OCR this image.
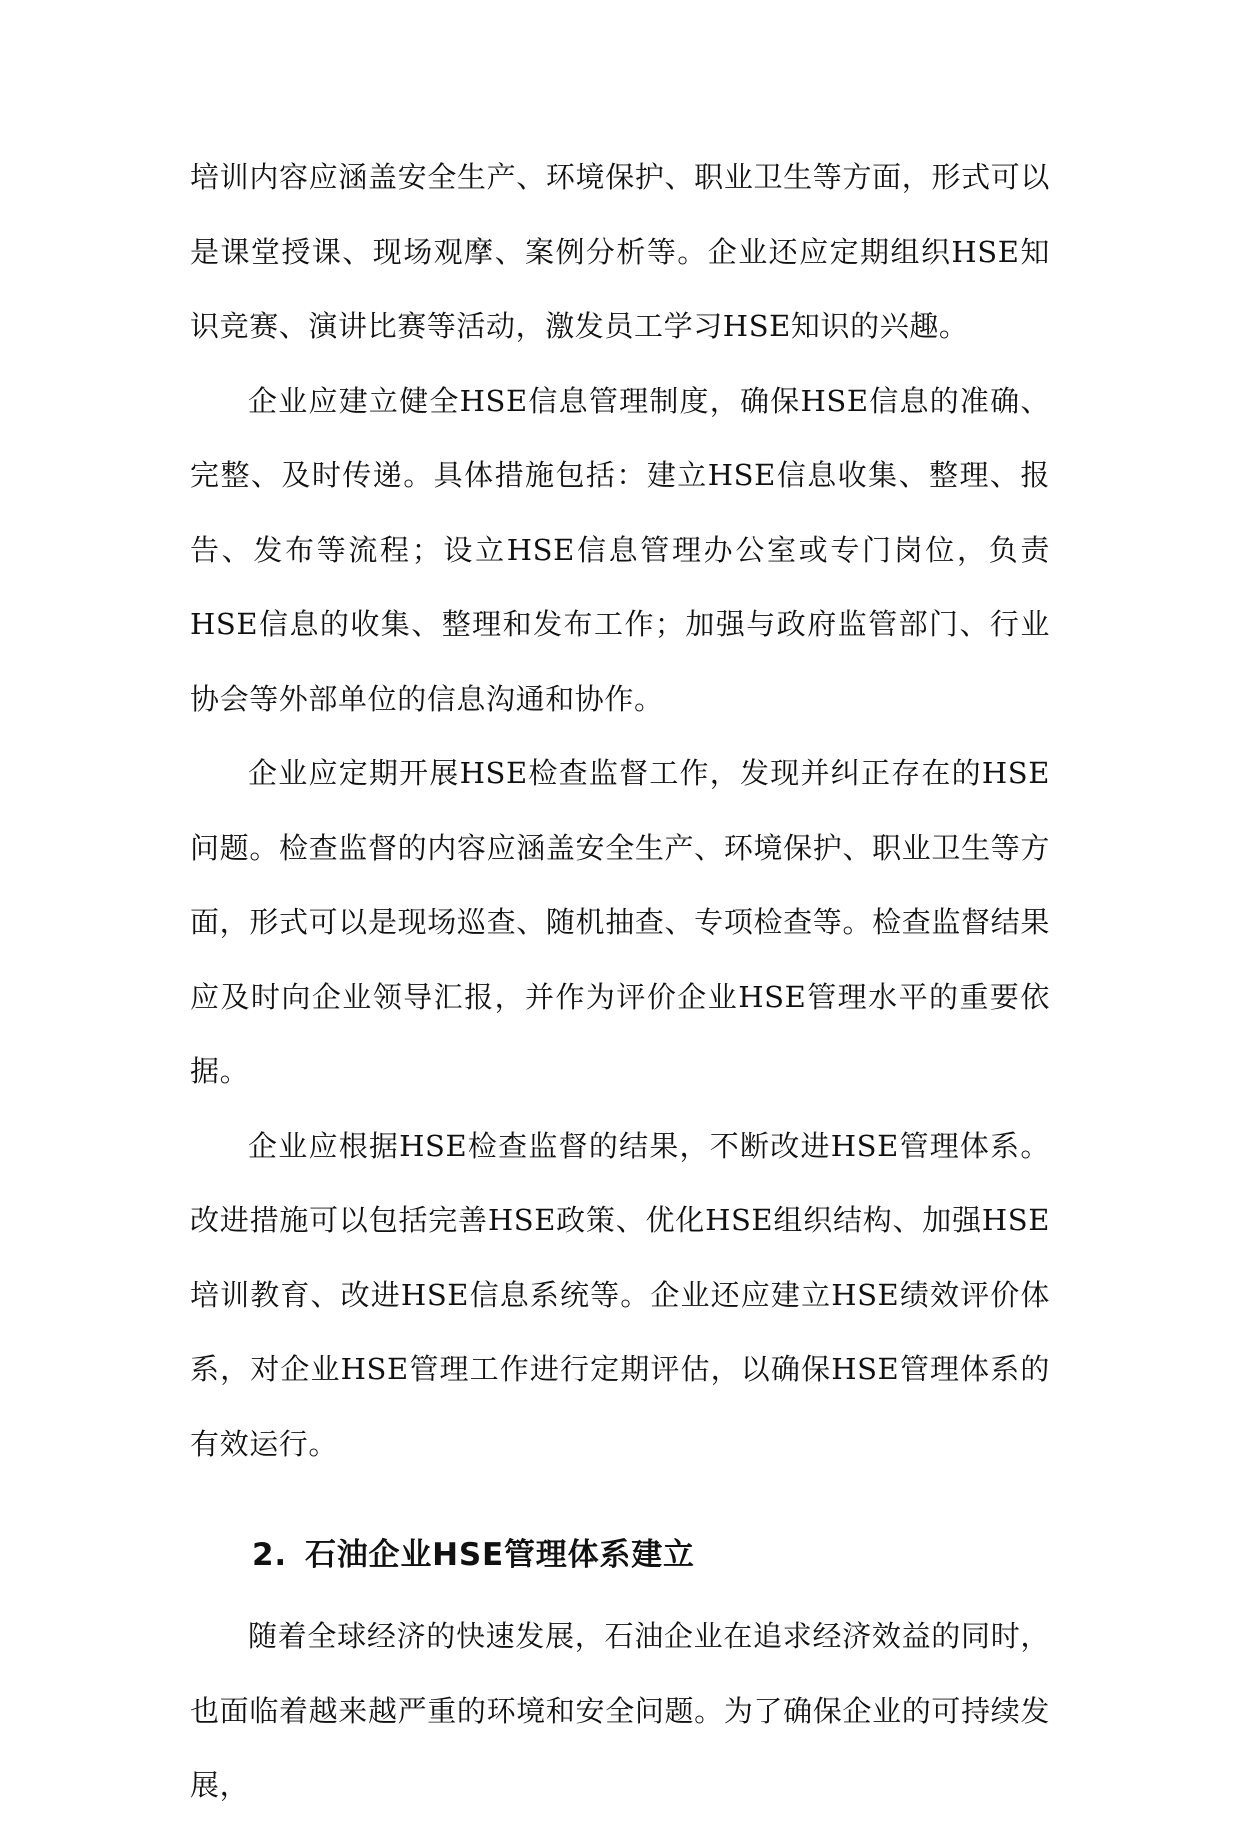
培训内容应涵盖安全生产、环境保护、职业卫生等方面，形式可以是课堂授课、现场观摩、案例分析等。企业还应定期组织HSE知识竞赛、演讲比赛等活动，激发员工学习HSE知识的兴趣。

企业应建立健全HSE信息管理制度，确保HSE信息的准确、完整、及时传递。具体措施包括：建立HSE信息收集、整理、报告、发布等流程；设立HSE信息管理办公室或专门岗位，负责HSE信息的收集、整理和发布工作；加强与政府监管部门、行业协会等外部单位的信息沟通和协作。

企业应定期开展HSE检查监督工作，发现并纠正存在的HSE问题。检查监督的内容应涵盖安全生产、环境保护、职业卫生等方面，形式可以是现场巡查、随机抽查、专项检查等。检查监督结果应及时向企业领导汇报，并作为评价企业HSE管理水平的重要依据。

企业应根据HSE检查监督的结果，不断改进HSE管理体系。改进措施可以包括完善HSE政策、优化HSE组织结构、加强HSE培训教育、改进HSE信息系统等。企业还应建立HSE绩效评价体系，对企业HSE管理工作进行定期评估，以确保HSE管理体系的有效运行。

2. 石油企业HSE管理体系建立

随着全球经济的快速发展，石油企业在追求经济效益的同时，也面临着越来越严重的环境和安全问题。为了确保企业的可持续发展，
